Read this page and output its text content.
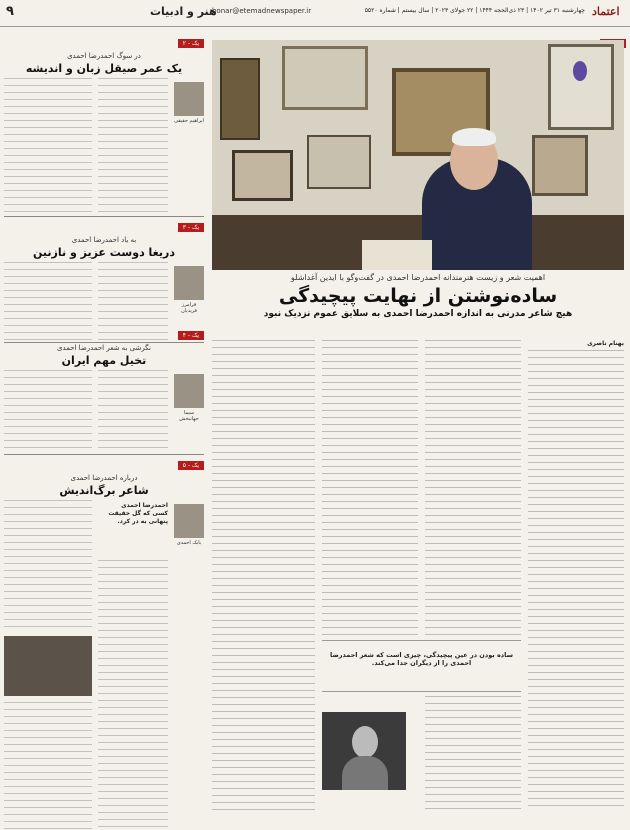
۹	هنر و ادبیات
honar@etemadnewspaper.ir	چهارشنبه ۳۱ تیر ۱۴۰۲ | ۲۳ ذی‌الحجه ۱۴۴۴ | ۲۲ جولای ۲۰۲۳ | سال بیستم | شماره ۵۵۲۰ اعتماد
اهمیت شعر و زیست هنرمندانه احمدرضا احمدی در گفت‌وگو با ایدین آغداشلو
ساده‌نوشتن از نهایت پیچیدگی
هیچ شاعر مدرنی به اندازه احمدرضا احمدی به سلایق عموم نزدیک نبود
بهنام ناصری
ساده بودن در عین پیچیدگی، چیزی است که شعر احمدرضا احمدی را از دیگران جدا می‌کند.
یک - ۲
در سوگ احمدرضا احمدی
یک عمر صیقل زبان و اندیشه
ابراهیم حقیقی
یک - ۳
به یاد احمدرضا احمدی
دریغا دوست عزیز و نازنین
فرامرز فریدیان
یک - ۴
نگرشی به شعر احمدرضا احمدی
تخیل مهم ایران
سیما جهانبخش
یک - ۵
درباره احمدرضا احمدی
شاعر برگ‌اندیش
بابک احمدی
احمدرضا احمدی کسی که گل حقیقت پنهانی به در کرد.
